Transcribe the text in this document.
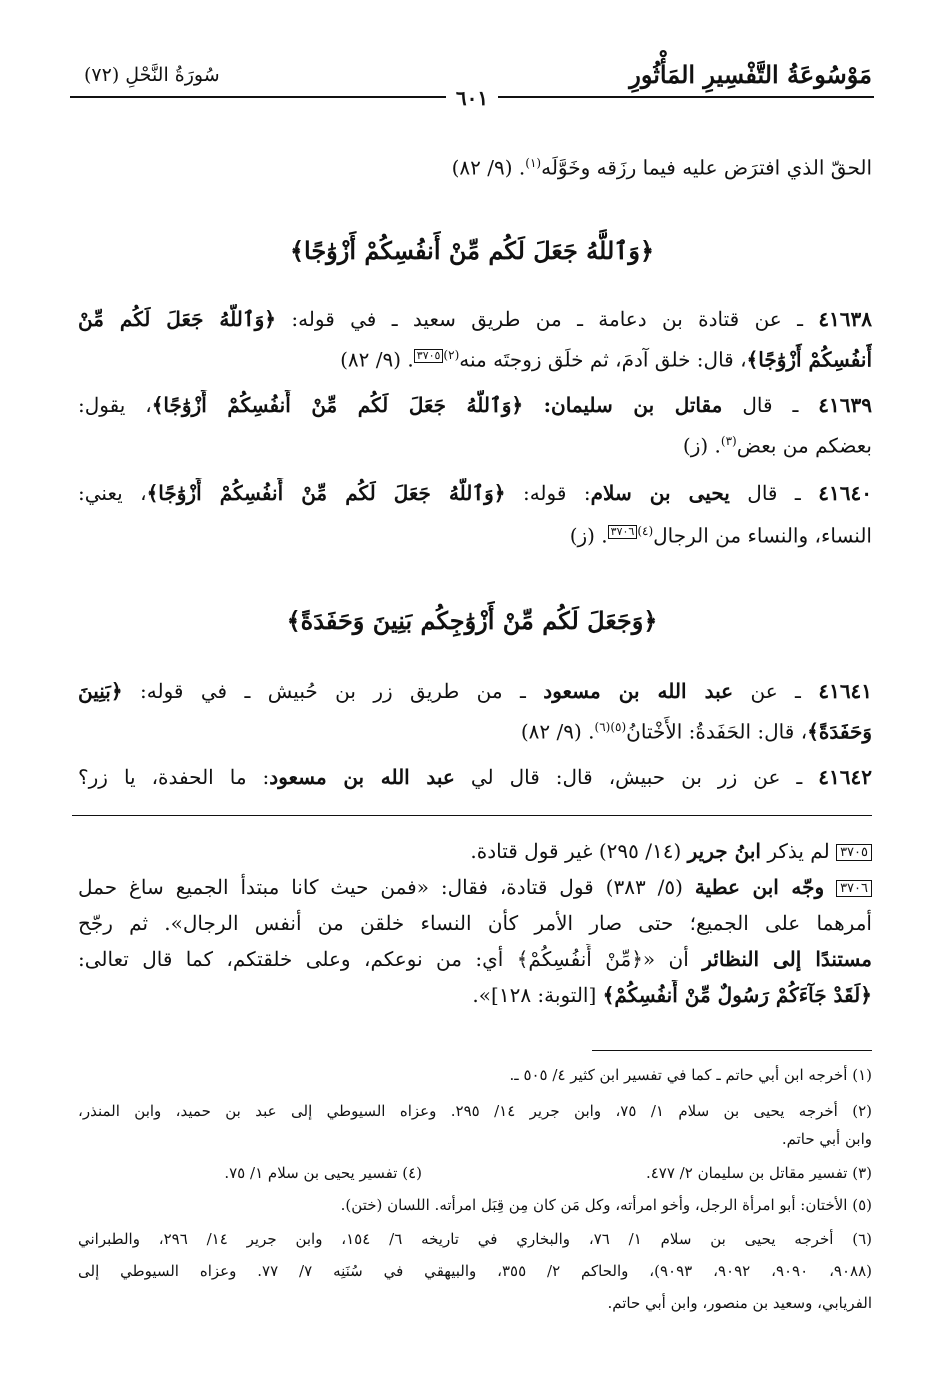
مَوْسُوعَةُ التَّفْسِيرِ المَأْثُورِ
سُورَةُ النَّحْلِ (٧٢)
٦٠١
الحقّ الذي افترَض عليه فيما رزَقه وخَوَّلَه$^{(١)}$. (٩/ ٨٢)
﴿وَٱللَّهُ جَعَلَ لَكُم مِّنْ أَنفُسِكُمْ أَزْوَٰجًا﴾
٤١٦٣٨ ـ عن قتادة بن دعامة ـ من طريق سعيد ـ في قوله: ﴿وَٱللَّهُ جَعَلَ لَكُم مِّنْ
أَنفُسِكُمْ أَزْوَٰجًا﴾، قال: خلق آدمَ، ثم خلَق زوجتَه منه$^{(٢)}$٣٧٠٥. (٩/ ٨٢)
٤١٦٣٩ ـ قال مقاتل بن سليمان: ﴿وَٱللَّهُ جَعَلَ لَكُم مِّنْ أَنفُسِكُمْ أَزْوَٰجًا﴾، يقول:
بعضكم من بعض$^{(٣)}$. (ز)
٤١٦٤٠ ـ قال يحيى بن سلام: قوله: ﴿وَٱللَّهُ جَعَلَ لَكُم مِّنْ أَنفُسِكُمْ أَزْوَٰجًا﴾، يعني:
النساء، والنساء من الرجال$^{(٤)}$٣٧٠٦. (ز)
﴿وَجَعَلَ لَكُم مِّنْ أَزْوَٰجِكُم بَنِينَ وَحَفَدَةً﴾
٤١٦٤١ ـ عن عبد الله بن مسعود ـ من طريق زر بن حُبيش ـ في قوله: ﴿بَنِينَ
وَحَفَدَةً﴾، قال: الحَفَدةُ: الأَخْتانُ$^{(٥)(٦)}$. (٩/ ٨٢)
٤١٦٤٢ ـ عن زر بن حبيش، قال: قال لي عبد الله بن مسعود: ما الحفدة، يا زر؟
٣٧٠٥ لم يذكر ابنُ جرير (١٤/ ٢٩٥) غير قول قتادة.
٣٧٠٦ وجّه ابن عطية (٥/ ٣٨٣) قول قتادة، فقال: «فمن حيث كانا مبتدأ الجميع ساغ حمل
أمرهما على الجميع؛ حتى صار الأمر كأن النساء خلقن من أنفس الرجال». ثم رجّح
مستندًا إلى النظائر أن «﴿مِّنْ أَنفُسِكُمْ﴾ أي: من نوعكم، وعلى خلقتكم، كما قال تعالى:
﴿لَقَدْ جَآءَكُمْ رَسُولٌ مِّنْ أَنفُسِكُمْ﴾ [التوبة: ١٢٨]».
(١) أخرجه ابن أبي حاتم ـ كما في تفسير ابن كثير ٤/ ٥٠٥ ـ.
(٢) أخرجه يحيى بن سلام ١/ ٧٥، وابن جرير ١٤/ ٢٩٥. وعزاه السيوطي إلى عبد بن حميد، وابن المنذر،
وابن أبي حاتم.
(٣) تفسير مقاتل بن سليمان ٢/ ٤٧٧.
(٤) تفسير يحيى بن سلام ١/ ٧٥.
(٥) الأختان: أبو امرأة الرجل، وأخو امرأته، وكل مَن كان مِن قِبَل امرأته. اللسان (ختن).
(٦) أخرجه يحيى بن سلام ١/ ٧٦، والبخاري في تاريخه ٦/ ١٥٤، وابن جرير ١٤/ ٢٩٦، والطبراني
(٩٠٨٨، ٩٠٩٠، ٩٠٩٢، ٩٠٩٣)، والحاكم ٢/ ٣٥٥، والبيهقي في سُنَنِه ٧/ ٧٧. وعزاه السيوطي إلى
الفريابي، وسعيد بن منصور، وابن أبي حاتم.
